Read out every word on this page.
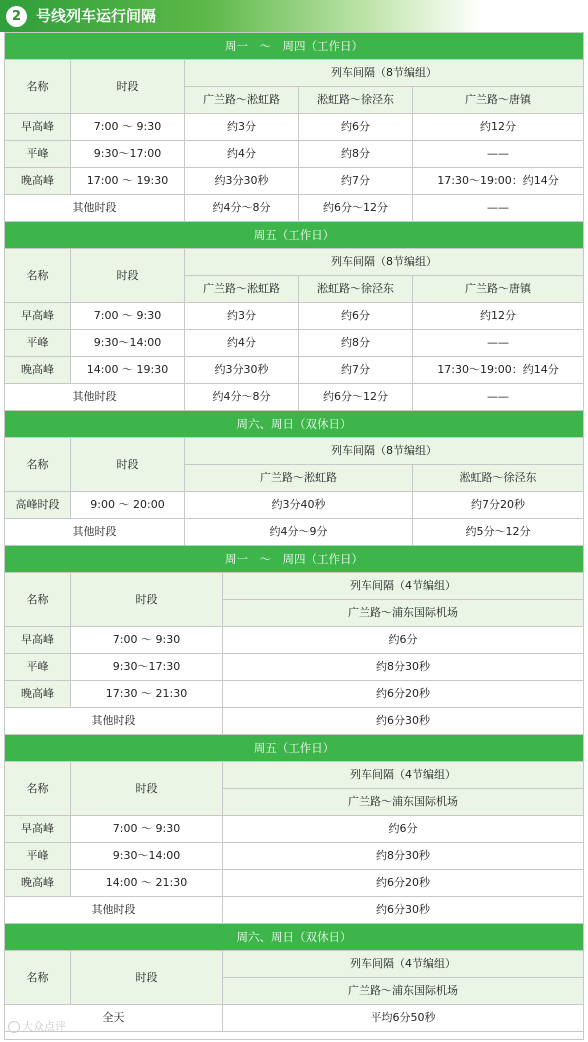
2 号线列车运行间隔
周一　～　周四（工作日）
名称	时段
列车间隔（8节编组）
广兰路～淞虹路	淞虹路～徐泾东	广兰路～唐镇
早高峰	7:00 ～ 9:30	约3分	约6分	约12分
平峰	9:30～17:00	约4分	约8分	——
晚高峰	17:00 ～ 19:30	约3分30秒	约7分	17:30～19:00：约14分
其他时段	约4分～8分	约6分～12分	——
周五（工作日）
名称	时段
列车间隔（8节编组）
广兰路～淞虹路	淞虹路～徐泾东	广兰路～唐镇
早高峰	7:00 ～ 9:30	约3分	约6分	约12分
平峰	9:30～14:00	约4分	约8分	——
晚高峰	14:00 ～ 19:30	约3分30秒	约7分	17:30～19:00：约14分
其他时段	约4分～8分	约6分～12分	——
周六、周日（双休日）
名称	时段
列车间隔（8节编组）
广兰路～淞虹路	淞虹路～徐泾东
高峰时段	9:00 ～ 20:00	约3分40秒	约7分20秒
其他时段	约4分～9分	约5分～12分
周一　～　周四（工作日）
名称	时段
列车间隔（4节编组）
广兰路～浦东国际机场
早高峰	7:00 ～ 9:30	约6分
平峰	9:30～17:30	约8分30秒
晚高峰	17:30 ～ 21:30	约6分20秒
其他时段	约6分30秒
周五（工作日）
名称	时段
列车间隔（4节编组）
广兰路～浦东国际机场
早高峰	7:00 ～ 9:30	约6分
平峰	9:30～14:00	约8分30秒
晚高峰	14:00 ～ 21:30	约6分20秒
其他时段	约6分30秒
周六、周日（双休日）
名称	时段
列车间隔（4节编组）
广兰路～浦东国际机场
全天	平均6分50秒
大众点评
